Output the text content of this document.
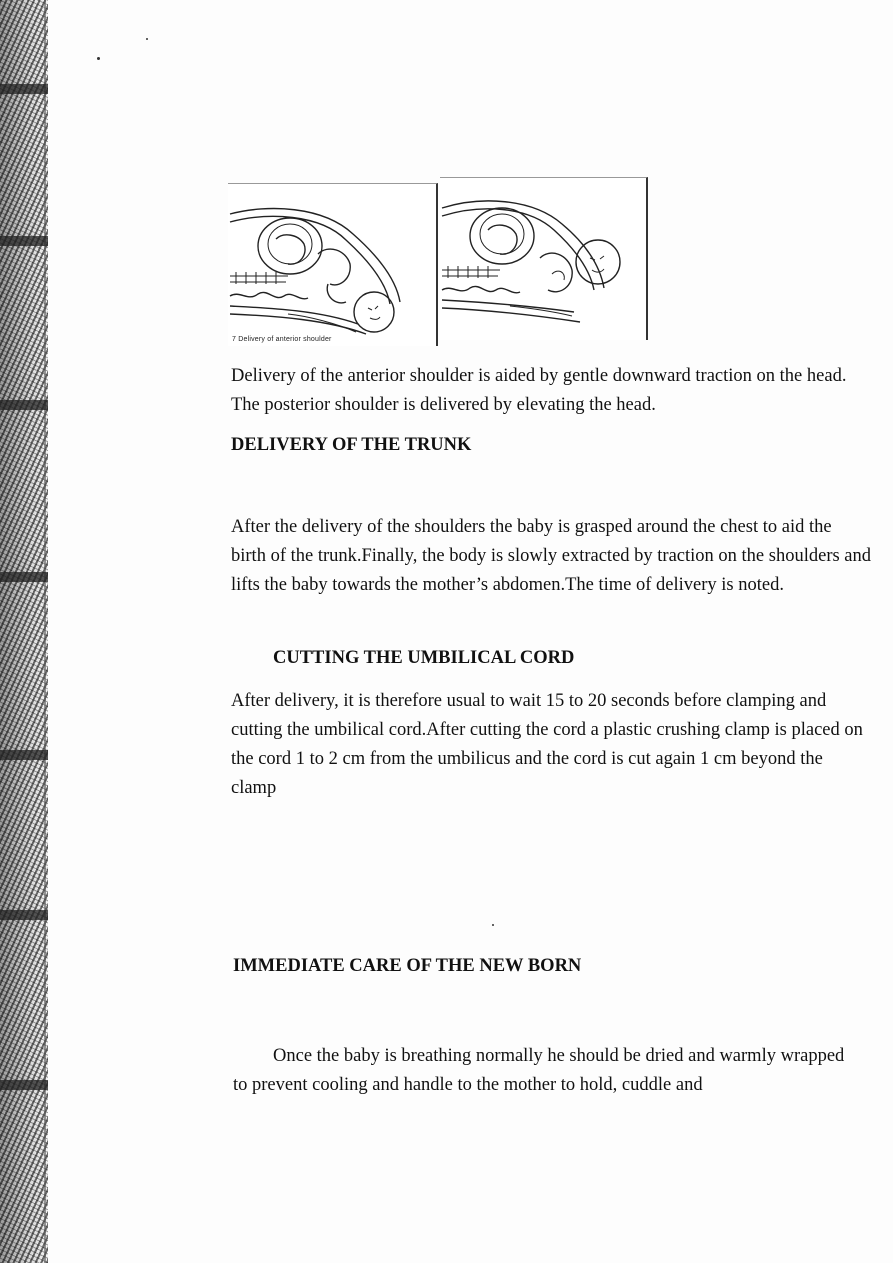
7 Delivery of anterior shoulder

Delivery of the anterior shoulder is aided by gentle downward traction on the head. The posterior shoulder is delivered by elevating the head.

DELIVERY OF THE TRUNK

After the delivery of the shoulders the baby is grasped around the chest to aid the birth of the trunk.Finally, the body is slowly extracted by traction on the shoulders and lifts the baby towards the mother’s abdomen.The time of delivery is noted.

CUTTING THE UMBILICAL CORD

After delivery, it is therefore usual to wait 15 to 20 seconds before clamping and cutting the umbilical cord.After cutting the cord a plastic crushing clamp is placed on the cord 1 to 2 cm from the umbilicus and the cord is cut again 1 cm beyond the clamp

IMMEDIATE CARE OF THE NEW BORN

Once the baby is breathing normally he should be dried and warmly wrapped to prevent cooling and handle to the mother to hold, cuddle and
